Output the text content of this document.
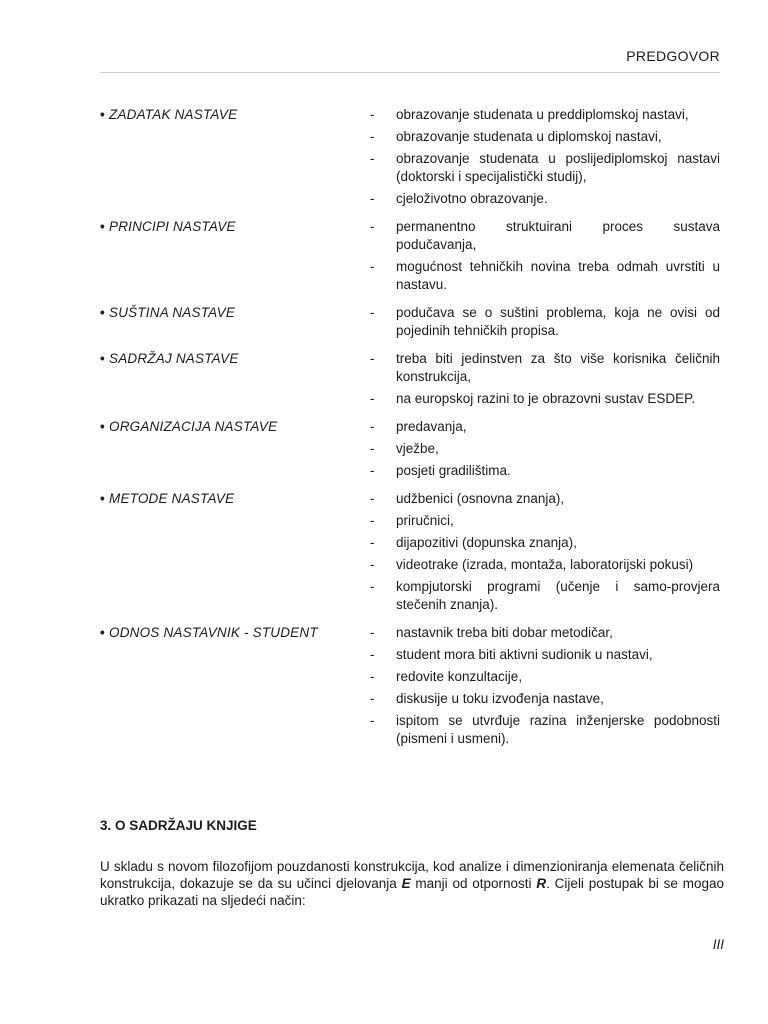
PREDGOVOR
• ZADATAK NASTAVE	-	obrazovanje studenata u preddiplomskoj nastavi,
-	obrazovanje studenata u diplomskoj nastavi,
-	obrazovanje studenata u poslijediplomskoj nastavi (doktorski i specijalistički studij),
-	cjeloživotno obrazovanje.
• PRINCIPI NASTAVE	-	permanentno struktuirani proces sustava podučavanja,
-	mogućnost tehničkih novina treba odmah uvrstiti u nastavu.
• SUŠTINA NASTAVE	-	podučava se o suštini problema, koja ne ovisi od pojedinih tehničkih propisa.
• SADRŽAJ NASTAVE	-	treba biti jedinstven za što više korisnika čeličnih konstrukcija,
-	na europskoj razini to je obrazovni sustav ESDEP.
• ORGANIZACIJA NASTAVE	-	predavanja,
-	vježbe,
-	posjeti gradilištima.
• METODE NASTAVE	-	udžbenici (osnovna znanja),
-	priručnici,
-	dijapozitivi (dopunska znanja),
-	videotrake (izrada, montaža, laboratorijski pokusi)
-	kompjutorski programi (učenje i samo-provjera stečenih znanja).
• ODNOS NASTAVNIK - STUDENT	-	nastavnik treba biti dobar metodičar,
-	student mora biti aktivni sudionik u nastavi,
-	redovite konzultacije,
-	diskusije u toku izvođenja nastave,
-	ispitom se utvrđuje razina inženjerske podobnosti (pismeni i usmeni).
3. O SADRŽAJU KNJIGE
U skladu s novom filozofijom pouzdanosti konstrukcija, kod analize i dimenzioniranja elemenata čeličnih konstrukcija, dokazuje se da su učinci djelovanja E manji od otpornosti R. Cijeli postupak bi se mogao ukratko prikazati na sljedeći način:
III
